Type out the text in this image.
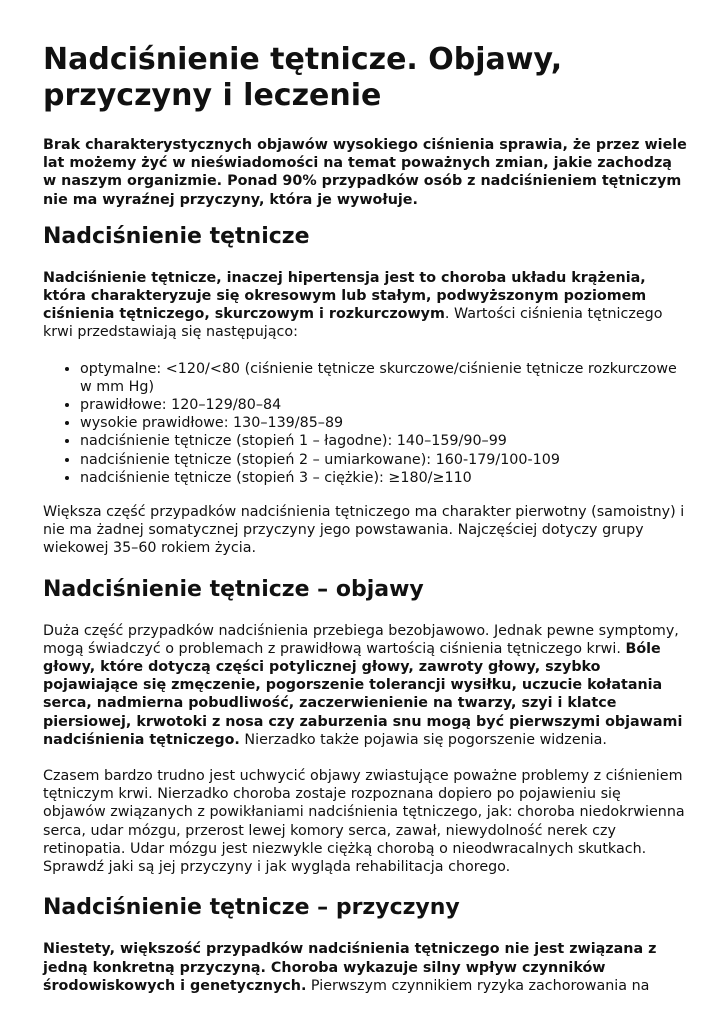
Nadciśnienie tętnicze. Objawy, przyczyny i leczenie

Brak charakterystycznych objawów wysokiego ciśnienia sprawia, że przez wiele lat możemy żyć w nieświadomości na temat poważnych zmian, jakie zachodzą w naszym organizmie. Ponad 90% przypadków osób z nadciśnieniem tętniczym nie ma wyraźnej przyczyny, która je wywołuje.

Nadciśnienie tętnicze

Nadciśnienie tętnicze, inaczej hipertensja jest to choroba układu krążenia, która charakteryzuje się okresowym lub stałym, podwyższonym poziomem ciśnienia tętniczego, skurczowym i rozkurczowym. Wartości ciśnienia tętniczego krwi przedstawiają się następująco:

• optymalne: <120/<80 (ciśnienie tętnicze skurczowe/ciśnienie tętnicze rozkurczowe w mm Hg)
• prawidłowe: 120–129/80–84
• wysokie prawidłowe: 130–139/85–89
• nadciśnienie tętnicze (stopień 1 – łagodne): 140–159/90–99
• nadciśnienie tętnicze (stopień 2 – umiarkowane): 160-179/100-109
• nadciśnienie tętnicze (stopień 3 – ciężkie): ≥180/≥110

Większa część przypadków nadciśnienia tętniczego ma charakter pierwotny (samoistny) i nie ma żadnej somatycznej przyczyny jego powstawania. Najczęściej dotyczy grupy wiekowej 35–60 rokiem życia.

Nadciśnienie tętnicze – objawy

Duża część przypadków nadciśnienia przebiega bezobjawowo. Jednak pewne symptomy, mogą świadczyć o problemach z prawidłową wartością ciśnienia tętniczego krwi. Bóle głowy, które dotyczą części potylicznej głowy, zawroty głowy, szybko pojawiające się zmęczenie, pogorszenie tolerancji wysiłku, uczucie kołatania serca, nadmierna pobudliwość, zaczerwienienie na twarzy, szyi i klatce piersiowej, krwotoki z nosa czy zaburzenia snu mogą być pierwszymi objawami nadciśnienia tętniczego. Nierzadko także pojawia się pogorszenie widzenia.

Czasem bardzo trudno jest uchwycić objawy zwiastujące poważne problemy z ciśnieniem tętniczym krwi. Nierzadko choroba zostaje rozpoznana dopiero po pojawieniu się objawów związanych z powikłaniami nadciśnienia tętniczego, jak: choroba niedokrwienna serca, udar mózgu, przerost lewej komory serca, zawał, niewydolność nerek czy retinopatia. Udar mózgu jest niezwykle ciężką chorobą o nieodwracalnych skutkach. Sprawdź jaki są jej przyczyny i jak wygląda rehabilitacja chorego.

Nadciśnienie tętnicze – przyczyny

Niestety, większość przypadków nadciśnienia tętniczego nie jest związana z jedną konkretną przyczyną. Choroba wykazuje silny wpływ czynników środowiskowych i genetycznych. Pierwszym czynnikiem ryzyka zachorowania na
